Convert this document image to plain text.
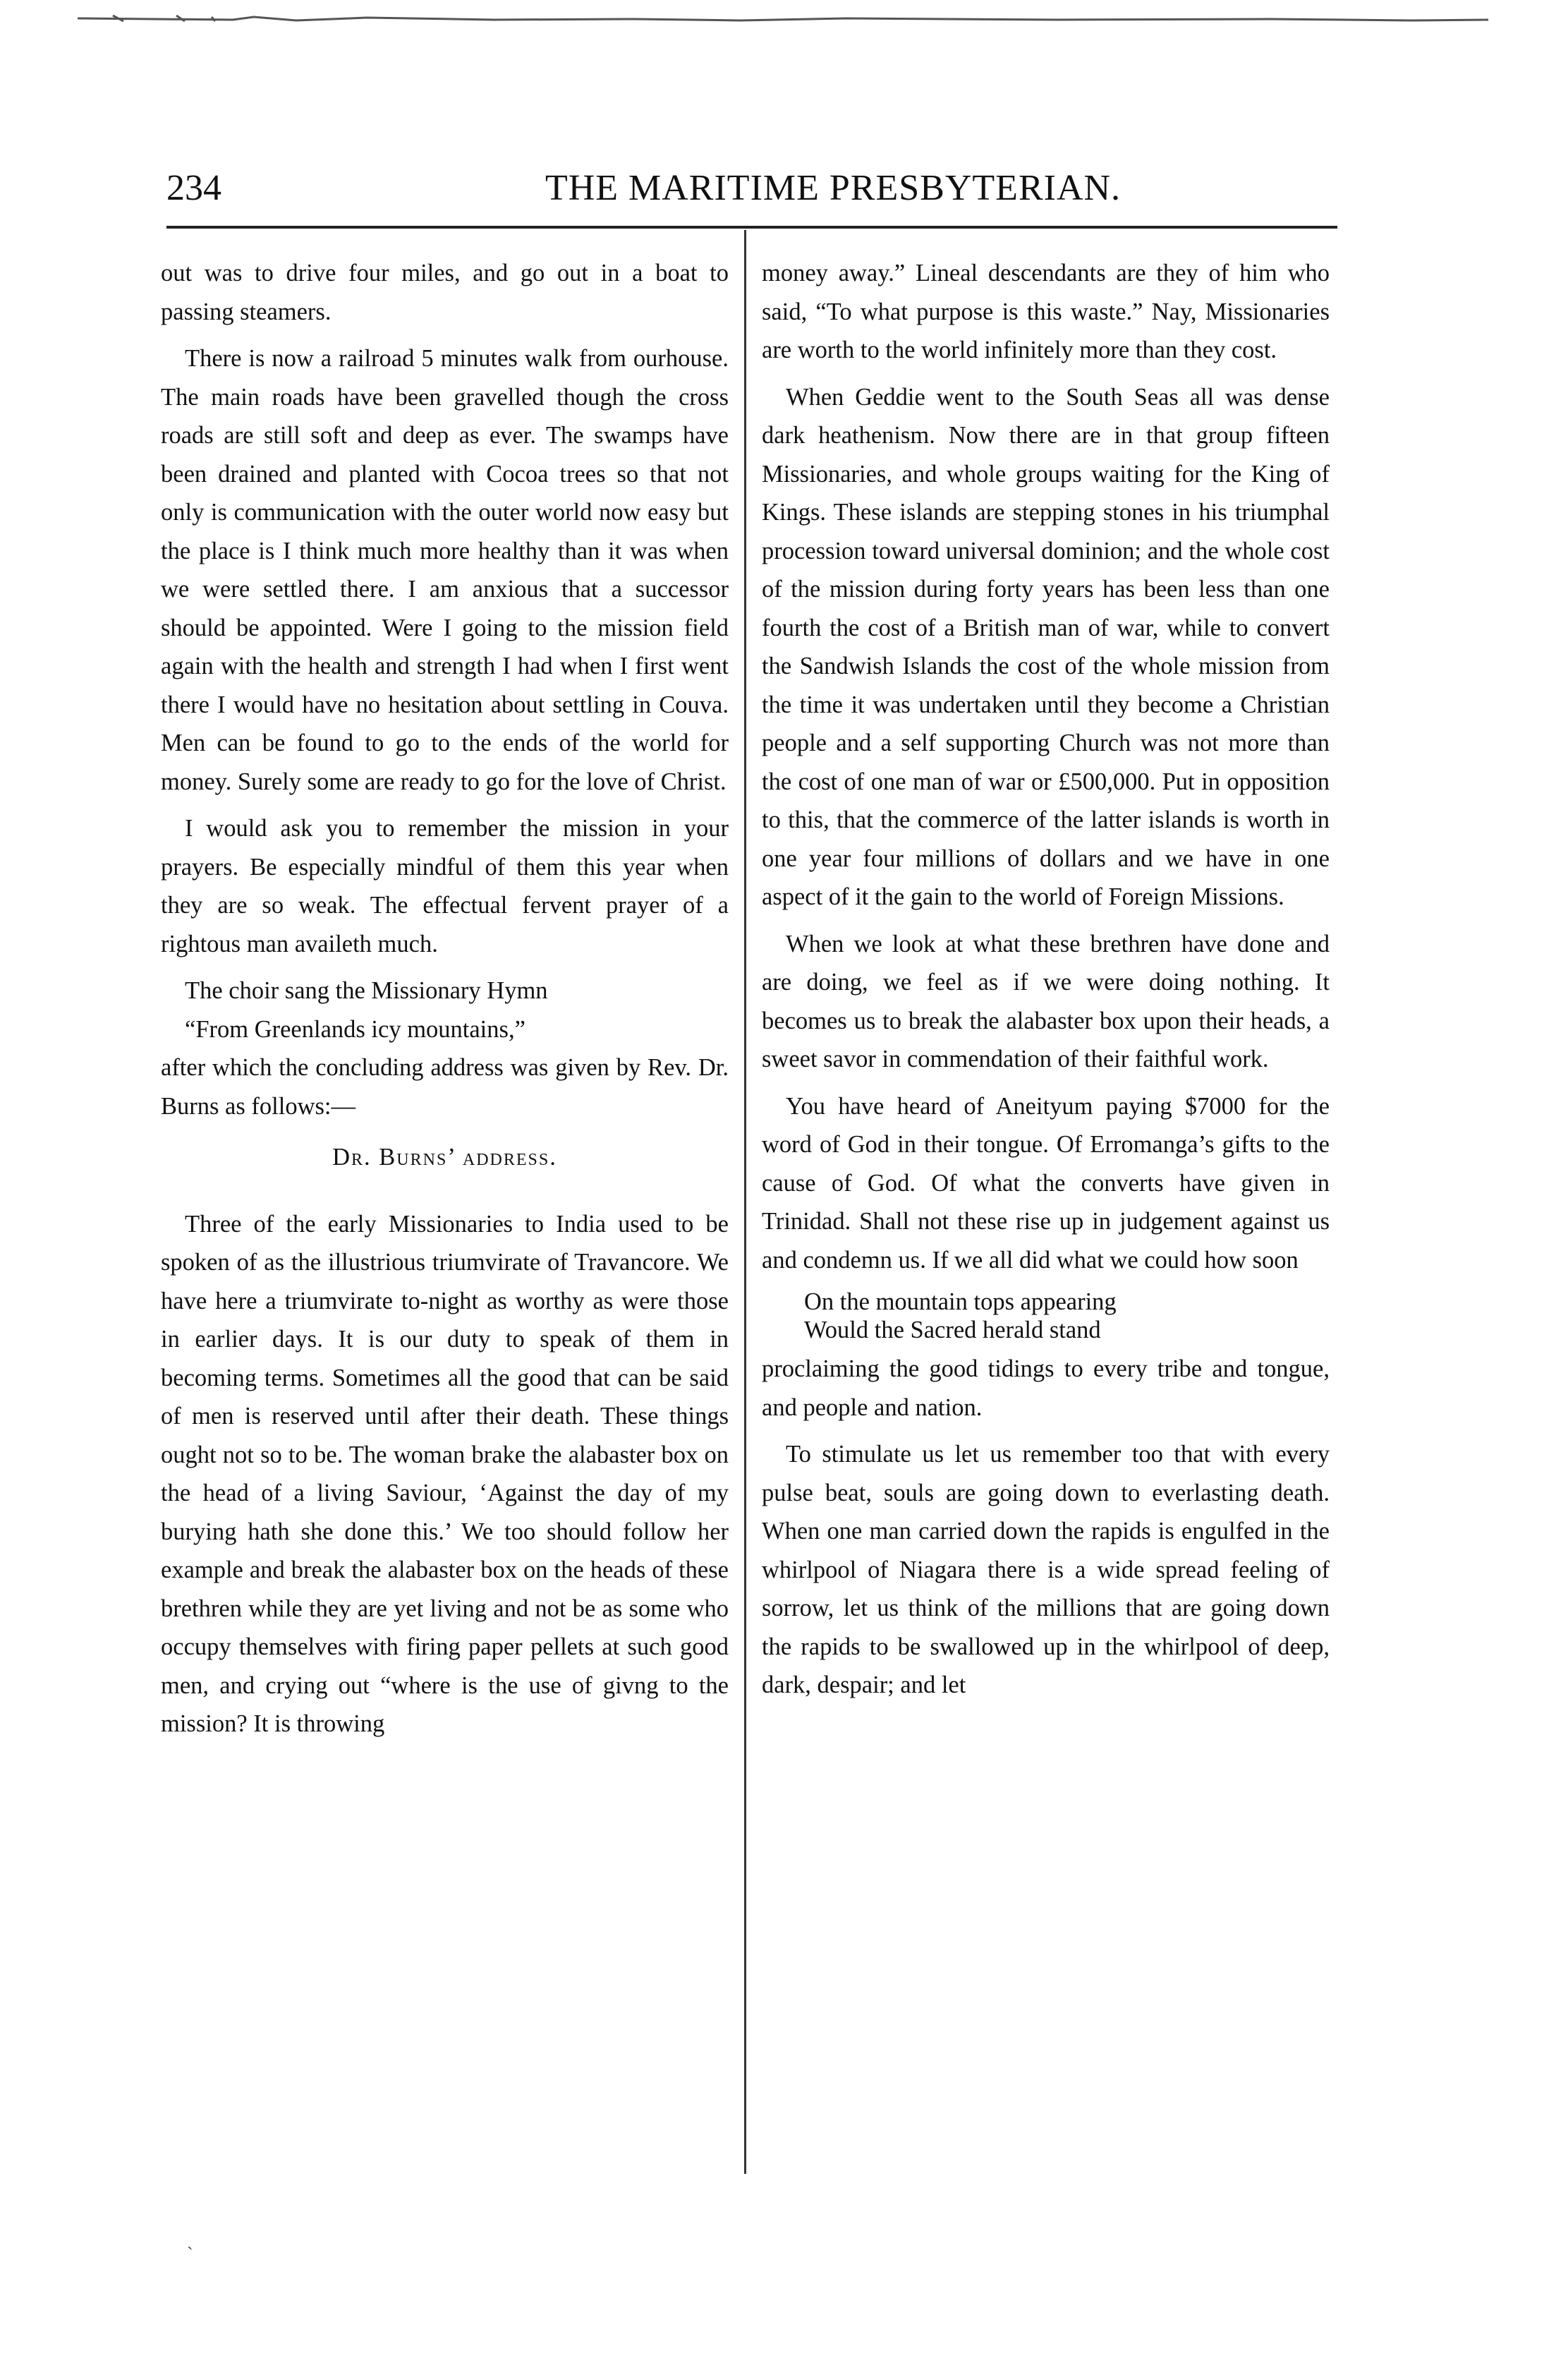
234	THE MARITIME PRESBYTERIAN.

out was to drive four miles, and go out in a boat to passing steamers.

There is now a railroad 5 minutes walk from ourhouse. The main roads have been gravelled though the cross roads are still soft and deep as ever. The swamps have been drained and planted with Cocoa trees so that not only is communication with the outer world now easy but the place is I think much more healthy than it was when we were settled there. I am anxious that a successor should be appointed. Were I going to the mission field again with the health and strength I had when I first went there I would have no hesitation about settling in Couva. Men can be found to go to the ends of the world for money. Surely some are ready to go for the love of Christ.

I would ask you to remember the mission in your prayers. Be especially mindful of them this year when they are so weak. The effectual fervent prayer of a rightous man availeth much.

The choir sang the Missionary Hymn

“From Greenlands icy mountains,”

after which the concluding address was given by Rev. Dr. Burns as follows:—

Dr. Burns’ address.

Three of the early Missionaries to India used to be spoken of as the illustrious triumvirate of Travancore. We have here a triumvirate to-night as worthy as were those in earlier days. It is our duty to speak of them in becoming terms. Sometimes all the good that can be said of men is reserved until after their death. These things ought not so to be. The woman brake the alabaster box on the head of a living Saviour, ‘Against the day of my burying hath she done this.’ We too should follow her example and break the alabaster box on the heads of these brethren while they are yet living and not be as some who occupy themselves with firing paper pellets at such good men, and crying out “where is the use of givng to the mission? It is throwing

money away.” Lineal descendants are they of him who said, “To what purpose is this waste.” Nay, Missionaries are worth to the world infinitely more than they cost.

When Geddie went to the South Seas all was dense dark heathenism. Now there are in that group fifteen Missionaries, and whole groups waiting for the King of Kings. These islands are stepping stones in his triumphal procession toward universal dominion; and the whole cost of the mission during forty years has been less than one fourth the cost of a British man of war, while to convert the Sandwish Islands the cost of the whole mission from the time it was undertaken until they become a Christian people and a self supporting Church was not more than the cost of one man of war or £500,000. Put in opposition to this, that the commerce of the latter islands is worth in one year four millions of dollars and we have in one aspect of it the gain to the world of Foreign Missions.

When we look at what these brethren have done and are doing, we feel as if we were doing nothing. It becomes us to break the alabaster box upon their heads, a sweet savor in commendation of their faithful work.

You have heard of Aneityum paying $7000 for the word of God in their tongue. Of Erromanga’s gifts to the cause of God. Of what the converts have given in Trinidad. Shall not these rise up in judgement against us and condemn us. If we all did what we could how soon

On the mountain tops appearing

Would the Sacred herald stand

proclaiming the good tidings to every tribe and tongue, and people and nation.

To stimulate us let us remember too that with every pulse beat, souls are going down to everlasting death. When one man carried down the rapids is engulfed in the whirlpool of Niagara there is a wide spread feeling of sorrow, let us think of the millions that are going down the rapids to be swallowed up in the whirlpool of deep, dark, despair; and let

ˎ
